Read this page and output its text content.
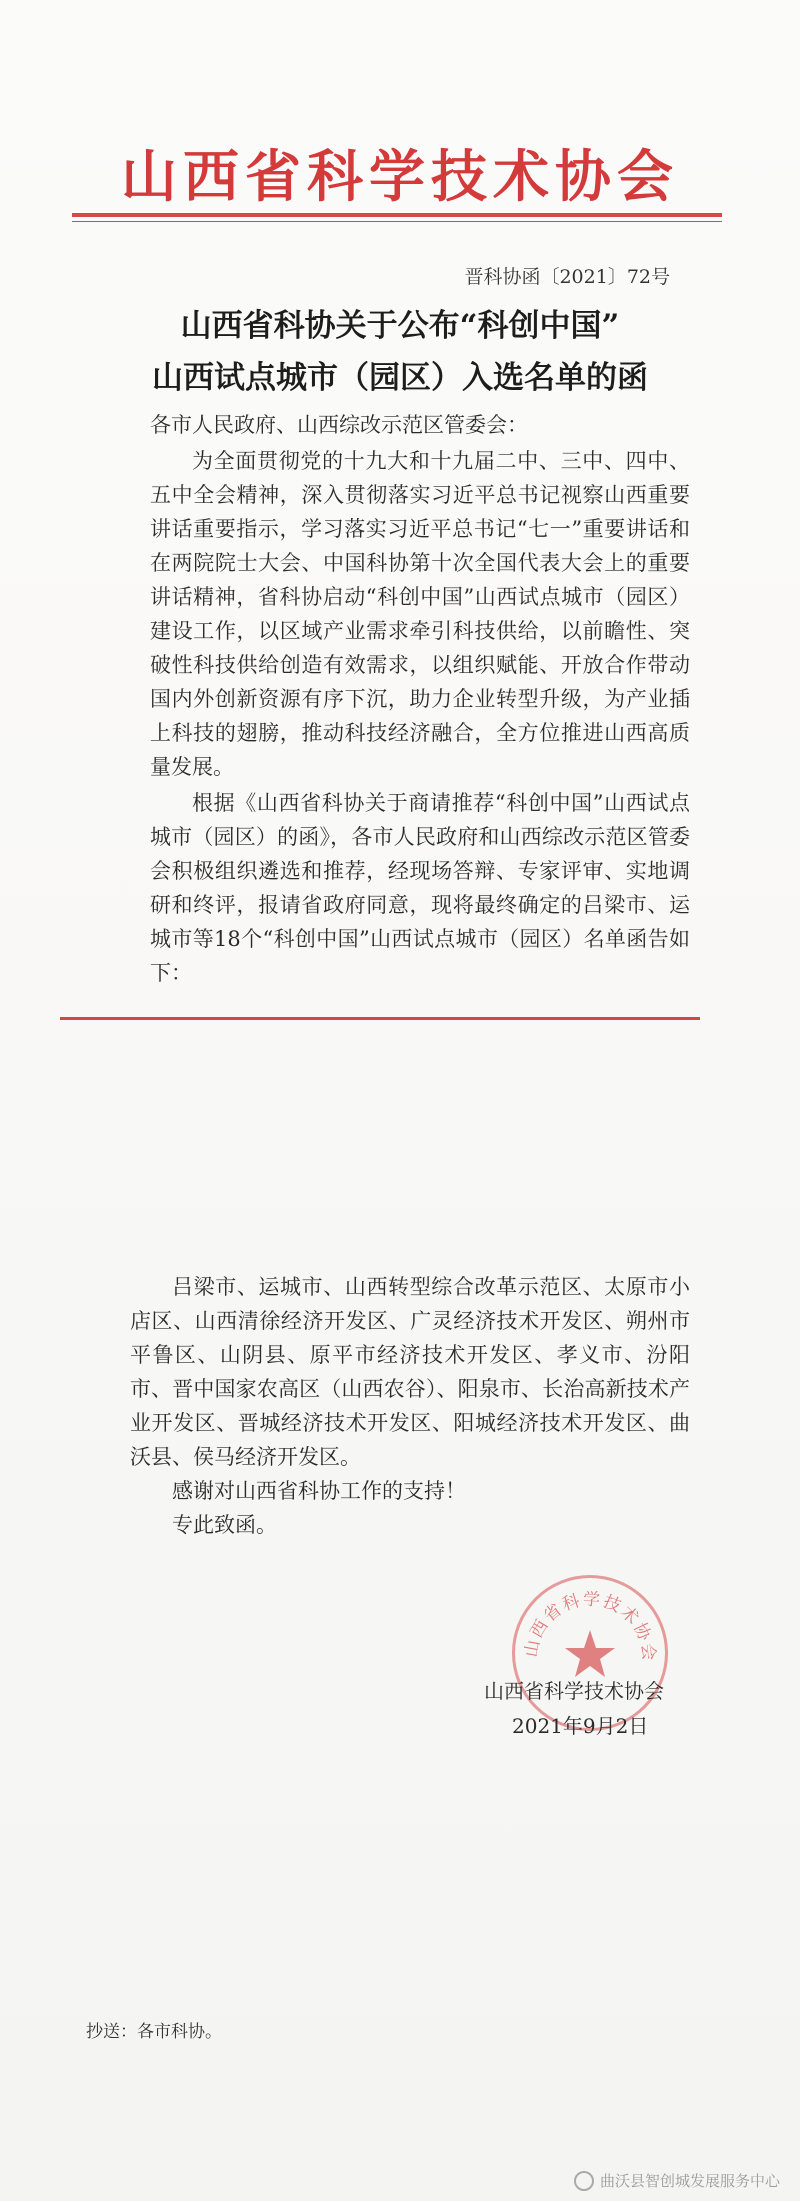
山西省科学技术协会
晋科协函〔2021〕72号
山西省科协关于公布“科创中国”
山西试点城市（园区）入选名单的函

各市人民政府、山西综改示范区管委会：

为全面贯彻党的十九大和十九届二中、三中、四中、五中全会精神，深入贯彻落实习近平总书记视察山西重要讲话重要指示，学习落实习近平总书记“七一”重要讲话和在两院院士大会、中国科协第十次全国代表大会上的重要讲话精神，省科协启动“科创中国”山西试点城市（园区）建设工作，以区域产业需求牵引科技供给，以前瞻性、突破性科技供给创造有效需求，以组织赋能、开放合作带动国内外创新资源有序下沉，助力企业转型升级，为产业插上科技的翅膀，推动科技经济融合，全方位推进山西高质量发展。

根据《山西省科协关于商请推荐“科创中国”山西试点城市（园区）的函》，各市人民政府和山西综改示范区管委会积极组织遴选和推荐，经现场答辩、专家评审、实地调研和终评，报请省政府同意，现将最终确定的吕梁市、运城市等18个“科创中国”山西试点城市（园区）名单函告如下：

吕梁市、运城市、山西转型综合改革示范区、太原市小店区、山西清徐经济开发区、广灵经济技术开发区、朔州市平鲁区、山阴县、原平市经济技术开发区、孝义市、汾阳市、晋中国家农高区（山西农谷）、阳泉市、长治高新技术产业开发区、晋城经济技术开发区、阳城经济技术开发区、曲沃县、侯马经济开发区。

感谢对山西省科协工作的支持！

专此致函。

山西省科学技术协会
山西省科学技术协会
2021年9月2日
抄送：各市科协。
曲沃县智创城发展服务中心
